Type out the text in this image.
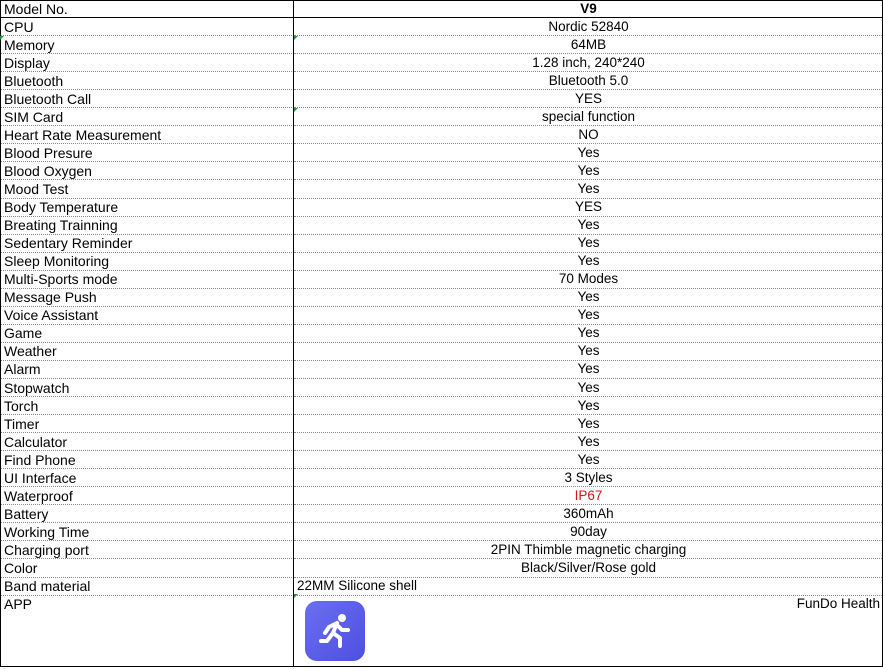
Model No.	V9
CPU	Nordic 52840
Memory	64MB
Display	1.28 inch, 240*240
Bluetooth	Bluetooth 5.0
Bluetooth Call	YES
SIM Card	special function
Heart Rate Measurement	NO
Blood Presure	Yes
Blood Oxygen	Yes
Mood Test	Yes
Body Temperature	YES
Breating Trainning	Yes
Sedentary Reminder	Yes
Sleep Monitoring	Yes
Multi-Sports mode	70 Modes
Message Push	Yes
Voice Assistant	Yes
Game	Yes
Weather	Yes
Alarm	Yes
Stopwatch	Yes
Torch	Yes
Timer	Yes
Calculator	Yes
Find Phone	Yes
UI Interface	3 Styles
Waterproof	IP67
Battery	360mAh
Working Time	90day
Charging port	2PIN Thimble magnetic charging
Color	Black/Silver/Rose gold
Band material	22MM Silicone shell
APP	FunDo Health
